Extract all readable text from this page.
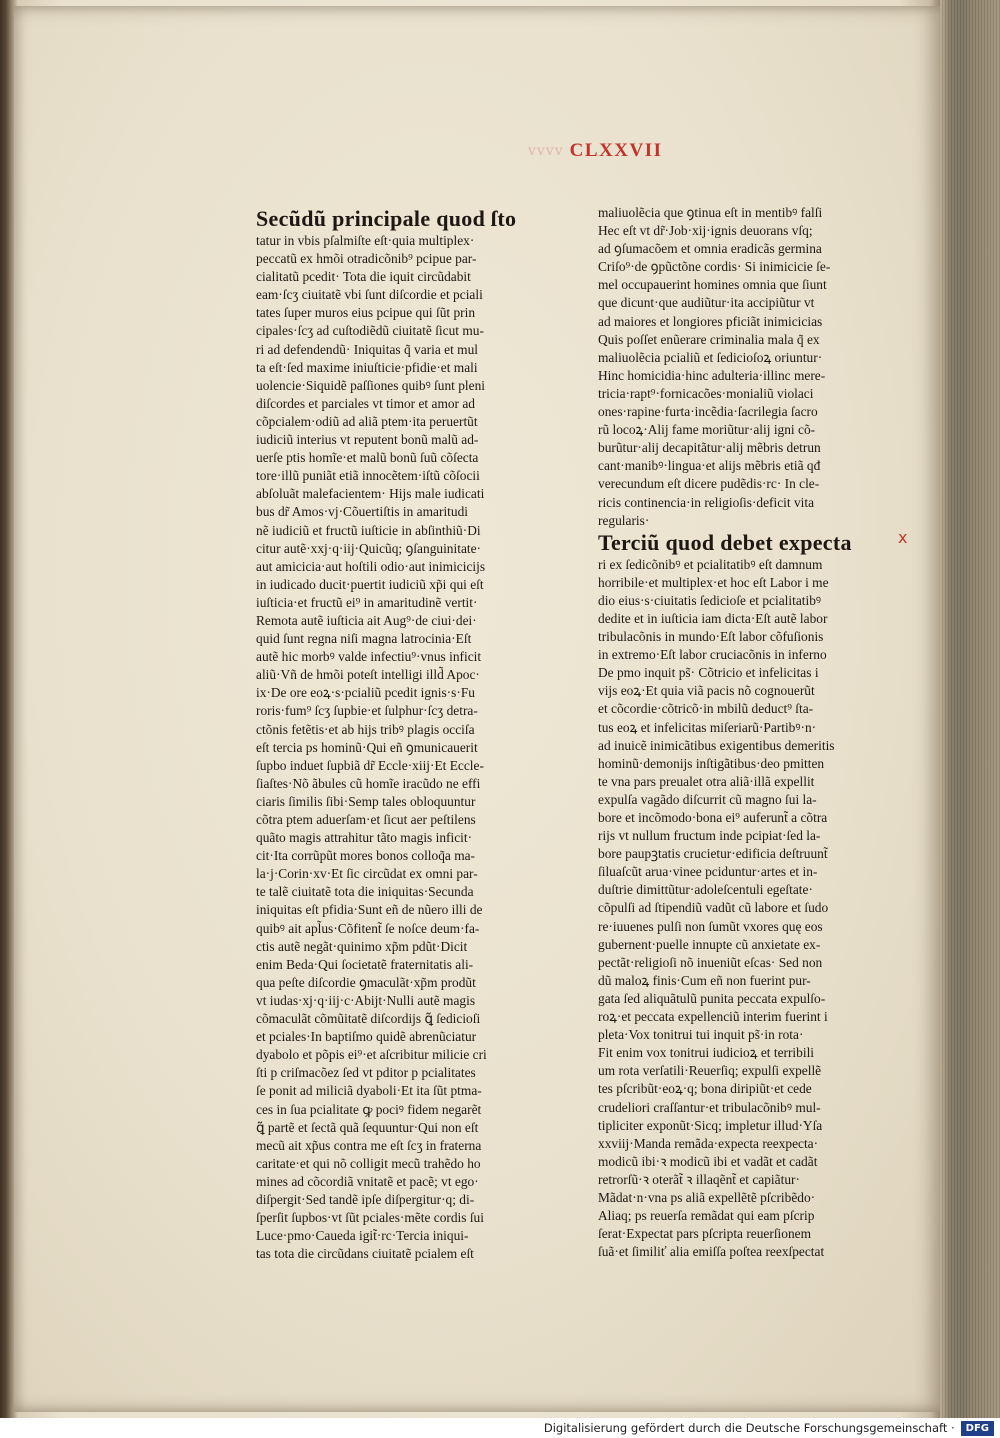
vvvv CLXXVII
Secũdũ principale quod ſto
tatur in vbis pſalmiſte eſt·quia multiplex·
peccatũ ex hmõi otradicõnib⁹ pcipue par-
cialitatũ pcedit· Tota die iquit circũdabit
eam·ſcʒ ciuitatẽ vbi ſunt diſcordie et pciali
tates ſuper muros eius pcipue qui ſũt prin
cipales·ſcʒ ad cuſtodiẽdũ ciuitatẽ ſicut mu-
ri ad defendendũ· Iniquitas q̃ varia et mul
ta eſt·ſed maxime iniuſticie·pfidie·et mali
uolencie·Siquidẽ paſſiones quibꝰ ſunt pleni
diſcordes et parciales vt timor et amor ad
cõpcialem·odiũ ad aliã ptem·ita peruertũt
iudiciũ interius vt reputent bonũ malũ ad-
uerſe ptis homĩe·et malũ bonũ ſuũ cõſecta
tore·illũ puniãt etiã innocẽtem·iſtũ cõſocii
abſoluãt malefacientem· Hijs male iudicati
bus dr̃ Amos·vj·Cõuertiſtis in amaritudi
nẽ iudiciũ et fructũ iuſticie in abſinthiũ·Di
citur autẽ·xxj·q·iij·Quicũq; ꝯſanguinitate·
aut amicicia·aut hoſtili odio·aut inimicicijs
in iudicado ducit·puertit iudiciũ xp̃i qui eſt
iuſticia·et fructũ ei⁹ in amaritudinẽ vertit·
Remota autẽ iuſticia ait Aug⁹·de ciui·dei·
quid ſunt regna niſi magna latrocinia·Eſt
autẽ hic morbꝰ valde infectiu⁹·vnus inficit
aliũ·Vñ de hmõi poteſt intelligi illd̃ Apoc·
ix·De ore eoꝝ·s·pcialiũ pcedit ignis·s·Fu
roris·fum⁹ ſcʒ ſupbie·et ſulphur·ſcʒ detra-
ctõnis fetẽtis·et ab hijs tribꝰ plagis occiſa
eſt tercia ps hominũ·Qui eñ ꝯmunicauerit
ſupbo induet ſupbiã dr̃ Eccle·xiij·Et Eccle-
ſiaſtes·Nõ ãbules cũ homĩe iracũdo ne effi
ciaris ſimilis ſibi·Semp tales obloquuntur
cõtra ptem aduerſam·et ſicut aer peſtilens
quãto magis attrahitur tãto magis inficit·
cit·Ita corrũpũt mores bonos colloq̃a ma-
la·j·Corin·xv·Et ſic circũdat ex omni par-
te talẽ ciuitatẽ tota die iniquitas·Secunda
iniquitas eſt pfidia·Sunt eñ de nũero illi de
quibꝰ ait apl̃us·Cõfitent̃ ſe noſce deum·fa-
ctis autẽ negãt·quinimo xp̃m pdũt·Dicit
enim Beda·Qui ſocietatẽ fraternitatis ali-
qua peſte diſcordie ꝯmaculãt·xp̃m prodũt
vt iudas·xj·q·iij·c·Abijt·Nulli autẽ magis
cõmaculãt cõmũitatẽ diſcordijs ꝗ̃ ſedicioſi
et pciales·In baptiſmo quidẽ abrenũciatur
dyabolo et põpis ei⁹·et aſcribitur milicie cri
ſti p criſmacõez ſed vt pditor p pcialitates
ſe ponit ad miliciã dyaboli·Et ita ſũt ptma-
ces in ſua pcialitate ꝙ pociꝰ fidem negarẽt
ꝗ̃ partẽ et ſectã quã ſequuntur·Qui non eſt
mecũ ait xp̃us contra me eſt ſcʒ in fraterna
caritate·et qui nõ colligit mecũ trahẽdo ho
mines ad cõcordiã vnitatẽ et pacẽ; vt ego·
diſpergit·Sed tandẽ ipſe diſpergitur·q; di-
ſperſit ſupbos·vt ſũt pciales·mẽte cordis ſui
Luce·pmo·Caueda igit̃·rc·Tercia iniqui-
tas tota die circũdans ciuitatẽ pcialem eſt
maliuolẽcia que ꝯtinua eſt in mentibꝰ falſi
Hec eſt vt dr̃·Job·xij·ignis deuorans vſq;
ad ꝯſumacõem et omnia eradicãs germina
Criſo⁹·de ꝯpũctõne cordis· Si inimicicie ſe-
mel occupauerint homines omnia que ſiunt
que dicunt·que audiũtur·ita accipiũtur vt
ad maiores et longiores pficiãt inimicicias
Quis poſſet enũerare criminalia mala q̃ ex
maliuolẽcia pcialiũ et ſedicioſoꝝ oriuntur·
Hinc homicidia·hinc adulteria·illinc mere-
tricia·rapt⁹·fornicacões·monialiũ violaci
ones·rapine·furta·incẽdia·ſacrilegia ſacro
rũ locoꝝ·Alij fame moriũtur·alij igni cõ-
burũtur·alij decapitãtur·alij mẽbris detrun
cant·manibꝰ·lingua·et alijs mẽbris etiã qđ
verecundum eſt dicere pudẽdis·rc· In cle-
ricis continencia·in religioſis·deficit vita
regularis·
Terciũ quod debet expecta
ri ex ſedicõnibꝰ et pcialitatibꝰ eſt damnum
horribile·et multiplex·et hoc eſt Labor i me
dio eius·s·ciuitatis ſedicioſe et pcialitatibꝰ
dedite et in iuſticia iam dicta·Eſt autẽ labor
tribulacõnis in mundo·Eſt labor cõfuſionis
in extremo·Eſt labor cruciacõnis in inferno
De pmo inquit ps̃· Cõtricio et infelicitas i
vijs eoꝝ·Et quia viã pacis nõ cognouerũt
et cõcordie·cõtricõ·in mbilũ deduct⁹ ſta-
tus eoꝝ et infelicitas miſeriarũ·Partibꝰ·n·
ad inuicẽ inimicãtibus exigentibus demeritis
hominũ·demonijs inſtigãtibus·deo pmitten
te vna pars preualet otra aliã·illã expellit
expulſa vagãdo diſcurrit cũ magno ſui la-
bore et incõmodo·bona ei⁹ auferunt̃ a cõtra
rijs vt nullum fructum inde pcipiat·ſed la-
bore paupꝫtatis crucietur·edificia deſtruunt̃
ſiluaſcũt arua·vinee pciduntur·artes et in-
duſtrie dimittũtur·adoleſcentuli egeſtate·
cõpulſi ad ſtipendiũ vadũt cũ labore et ſudo
re·iuuenes pulſi non ſumũt vxores quę eos
gubernent·puelle innupte cũ anxietate ex-
pectãt·religioſi nõ inueniũt eſcas· Sed non
dũ maloꝝ finis·Cum eñ non fuerint pur-
gata ſed aliquãtulũ punita peccata expulſo-
roꝝ·et peccata expellenciũ interim fuerint i
pleta·Vox tonitrui tui inquit ps̃·in rota·
Fit enim vox tonitrui iudicioꝝ et terribili
um rota verſatili·Reuerſiq; expulſi expellẽ
tes pſcribũt·eoꝝ·q; bona diripiũt·et cede
crudeliori craſſantur·et tribulacõnibꝰ mul-
tipliciter exponũt·Sicq; impletur illud·Yſa
xxviij·Manda remãda·expecta reexpecta·
modicũ ibi·ꝛ modicũ ibi et vadãt et cadãt
retrorſũ·ꝛ oterãt̃ ꝛ illaqẽnt̃ et capiãtur·
Mãdat·n·vna ps aliã expellẽtẽ pſcribẽdo·
Aliaq; ps reuerſa remãdat qui eam pſcrip
ſerat·Expectat pars pſcripta reuerſionem
ſuã·et ſimiliť alia emiſſa poſtea reexſpectat
x
Digitalisierung gefördert durch die Deutsche Forschungsgemeinschaft ·	DFG
